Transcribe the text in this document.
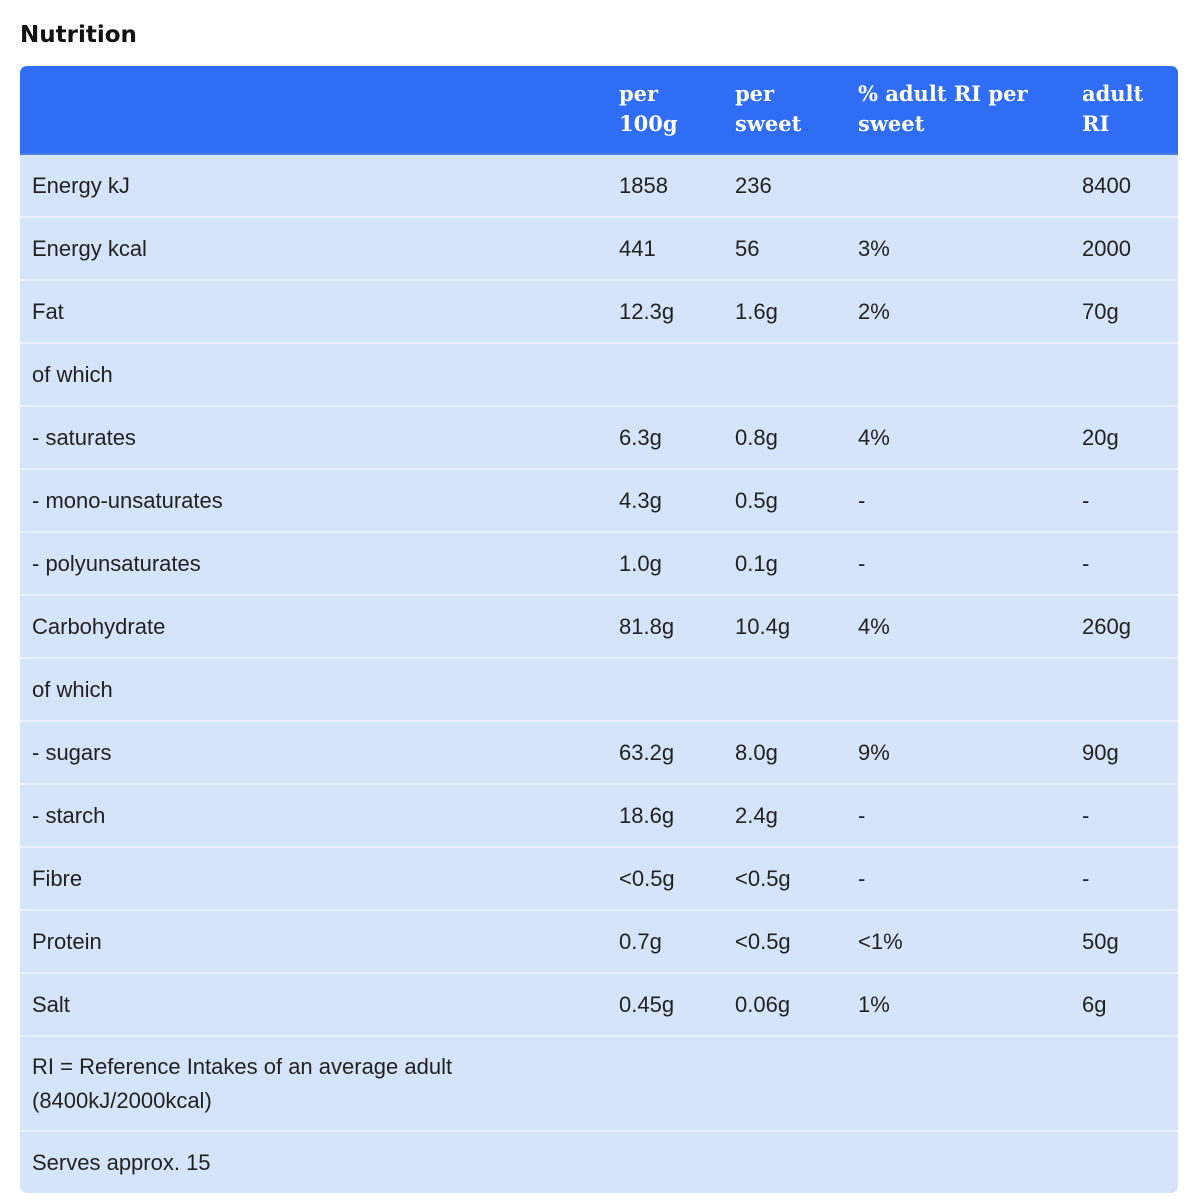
Nutrition
	per 100g	per sweet	% adult RI per sweet	adult RI
Energy kJ	1858	236		8400
Energy kcal	441	56	3%	2000
Fat	12.3g	1.6g	2%	70g
of which				
- saturates	6.3g	0.8g	4%	20g
- mono-unsaturates	4.3g	0.5g	-	-
- polyunsaturates	1.0g	0.1g	-	-
Carbohydrate	81.8g	10.4g	4%	260g
of which				
- sugars	63.2g	8.0g	9%	90g
- starch	18.6g	2.4g	-	-
Fibre	<0.5g	<0.5g	-	-
Protein	0.7g	<0.5g	<1%	50g
Salt	0.45g	0.06g	1%	6g
RI = Reference Intakes of an average adult (8400kJ/2000kcal)				
Serves approx. 15				
